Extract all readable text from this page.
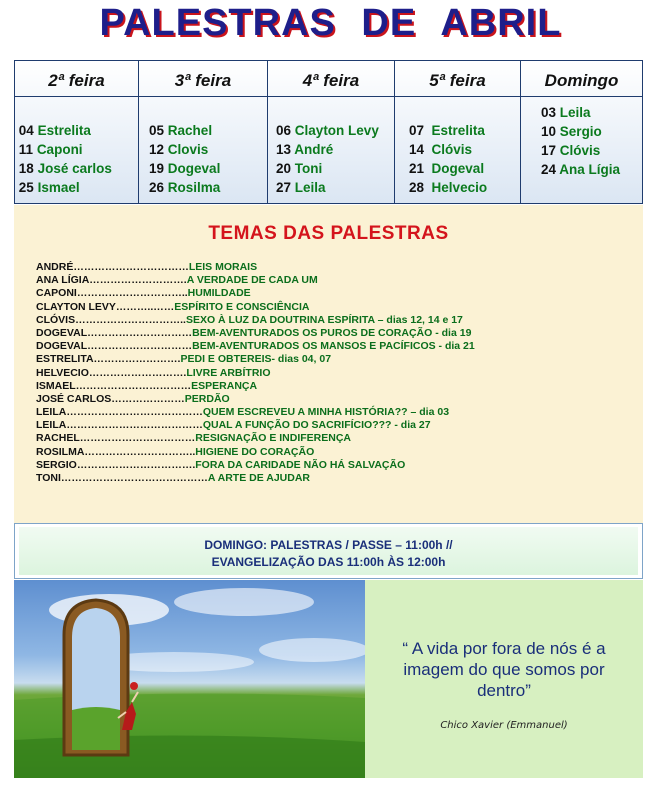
PALESTRAS DE ABRIL
2ª feira
04 Estrelita
11 Caponi
18 José carlos
25 Ismael
3ª feira
05 Rachel
12 Clovis
19 Dogeval
26 Rosilma
4ª feira
06 Clayton Levy
13 André
20 Toni
27 Leila
5ª feira
07 Estrelita
14 Clóvis
21 Dogeval
28 Helvecio
Domingo
03 Leila
10 Sergio
17 Clóvis
24 Ana Lígia
TEMAS DAS PALESTRAS
ANDRÉ……………………………LEIS MORAIS
ANA LÍGIA……………………….A VERDADE DE CADA UM
CAPONI…………………………..HUMILDADE
CLAYTON LEVY………..……ESPÍRITO E CONSCIÊNCIA
CLÓVIS…………………………..SEXO À LUZ DA DOUTRINA ESPÍRITA – dias 12, 14 e 17
DOGEVAL…………………………BEM-AVENTURADOS OS PUROS DE CORAÇÃO - dia 19
DOGEVAL…………………………BEM-AVENTURADOS OS MANSOS E PACÍFICOS - dia 21
ESTRELITA…………………….PEDI E OBTEREIS- dias 04, 07
HELVECIO……………………….LIVRE ARBÍTRIO
ISMAEL……………………………ESPERANÇA
JOSÉ CARLOS…………………PERDÃO
LEILA…………………………………QUEM ESCREVEU A MINHA HISTÓRIA?? – dia 03
LEILA…………………………………QUAL A FUNÇÃO DO SACRIFÍCIO??? - dia 27
RACHEL……………………………RESIGNAÇÃO E INDIFERENÇA
ROSILMA…………………………..HIGIENE DO CORAÇÃO
SERGIO…………………………….FORA DA CARIDADE NÃO HÁ SALVAÇÃO
TONI……………………………………A ARTE DE AJUDAR
DOMINGO: PALESTRAS / PASSE – 11:00h //
EVANGELIZAÇÃO DAS 11:00h ÀS 12:00h
“ A vida por fora de nós é a imagem do que somos por dentro”
Chico Xavier (Emmanuel)
